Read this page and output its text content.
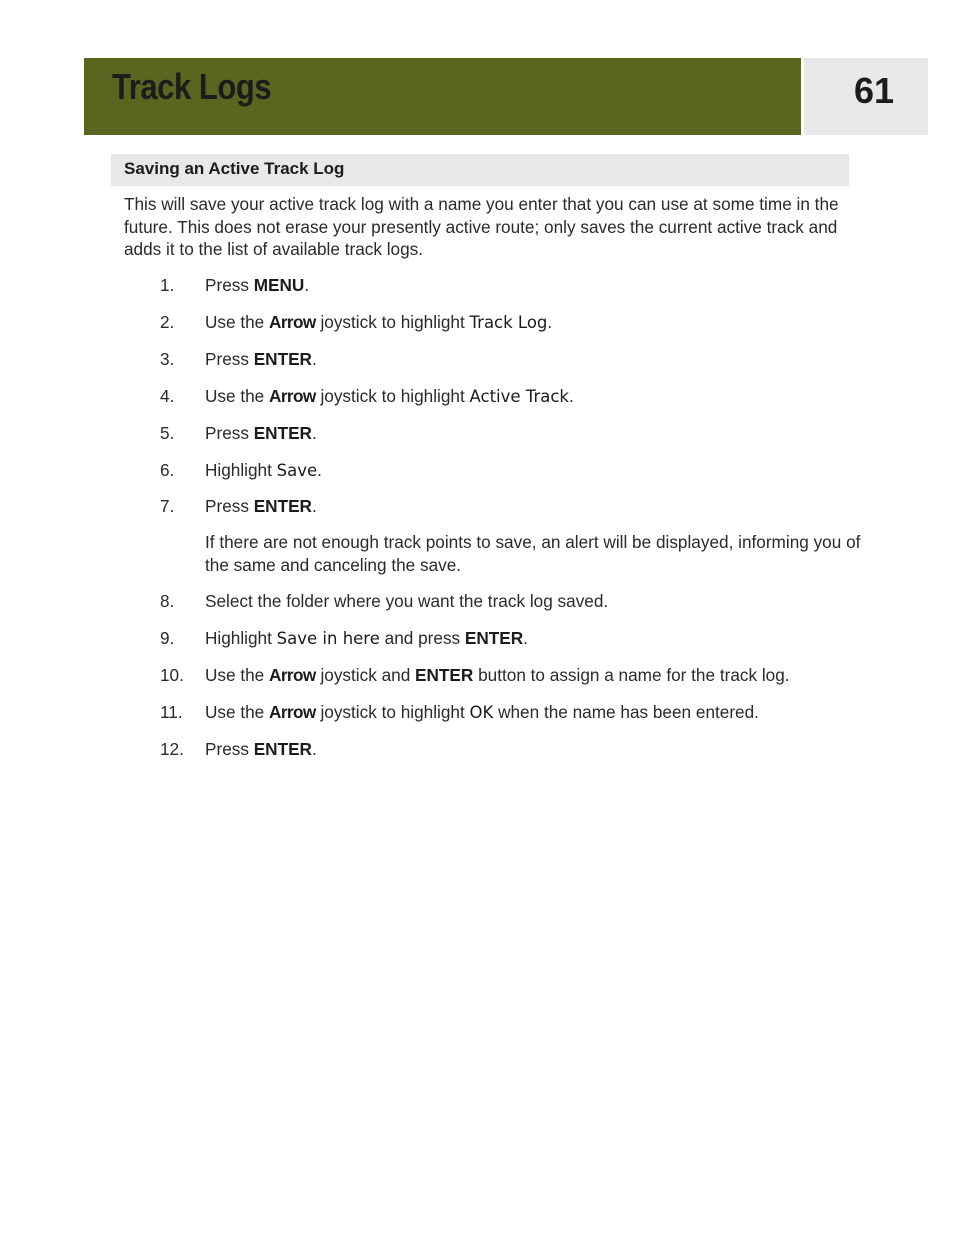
Track Logs	61
Saving an Active Track Log
This will save your active track log with a name you enter that you can use at some time in the future. This does not erase your presently active route; only saves the current active track and adds it to the list of available track logs.
1. Press MENU.
2. Use the Arrow joystick to highlight Track Log.
3. Press ENTER.
4. Use the Arrow joystick to highlight Active Track.
5. Press ENTER.
6. Highlight Save.
7. Press ENTER.
If there are not enough track points to save, an alert will be displayed, informing you of the same and canceling the save.
8. Select the folder where you want the track log saved.
9. Highlight Save in here and press ENTER.
10. Use the Arrow joystick and ENTER button to assign a name for the track log.
11. Use the Arrow joystick to highlight OK when the name has been entered.
12. Press ENTER.
